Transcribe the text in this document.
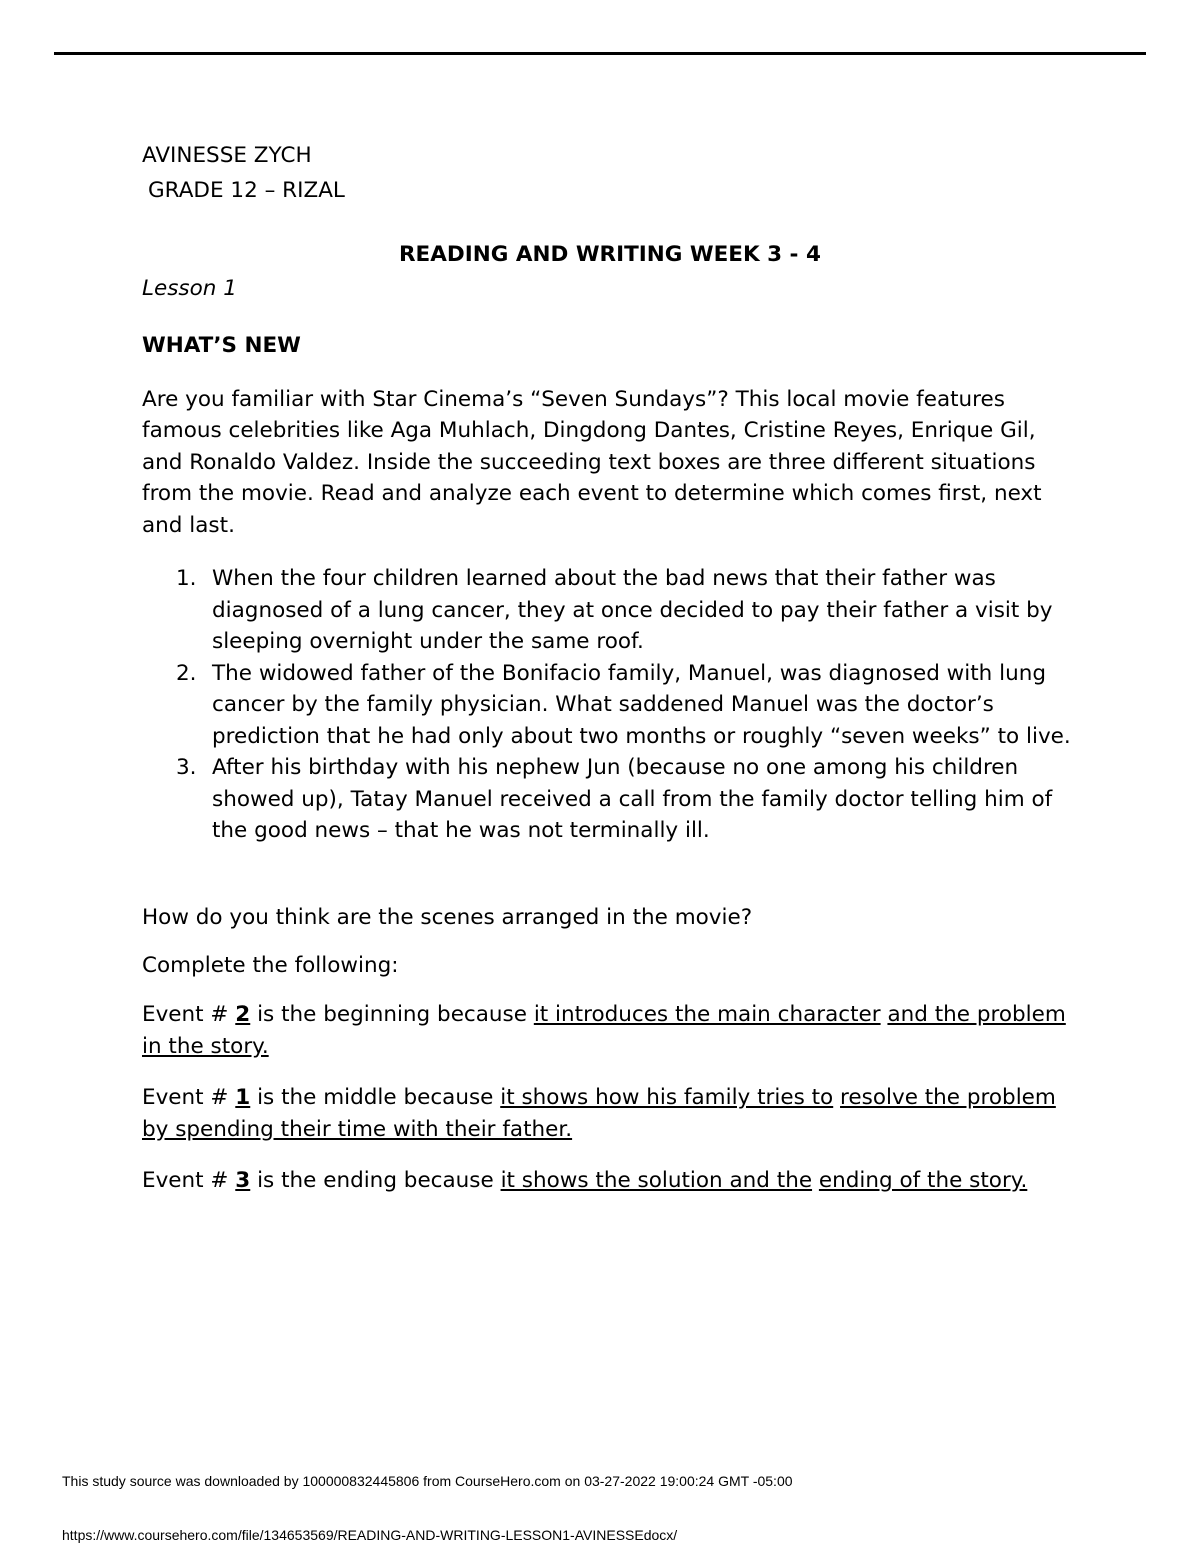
AVINESSE ZYCH

GRADE 12 – RIZAL

READING AND WRITING WEEK 3 - 4

Lesson 1

WHAT’S NEW

Are you familiar with Star Cinema’s “Seven Sundays”? This local movie features famous celebrities like Aga Muhlach, Dingdong Dantes, Cristine Reyes, Enrique Gil, and Ronaldo Valdez. Inside the succeeding text boxes are three different situations from the movie. Read and analyze each event to determine which comes first, next and last.

1. When the four children learned about the bad news that their father was diagnosed of a lung cancer, they at once decided to pay their father a visit by sleeping overnight under the same roof.
2. The widowed father of the Bonifacio family, Manuel, was diagnosed with lung cancer by the family physician. What saddened Manuel was the doctor’s prediction that he had only about two months or roughly “seven weeks” to live.
3. After his birthday with his nephew Jun (because no one among his children showed up), Tatay Manuel received a call from the family doctor telling him of the good news – that he was not terminally ill.

How do you think are the scenes arranged in the movie?

Complete the following:

Event # 2 is the beginning because it introduces the main character and the problem in the story.

Event # 1 is the middle because it shows how his family tries to resolve the problem by spending their time with their father.

Event # 3 is the ending because it shows the solution and the ending of the story.

This study source was downloaded by 100000832445806 from CourseHero.com on 03-27-2022 19:00:24 GMT -05:00
https://www.coursehero.com/file/134653569/READING-AND-WRITING-LESSON1-AVINESSEdocx/
